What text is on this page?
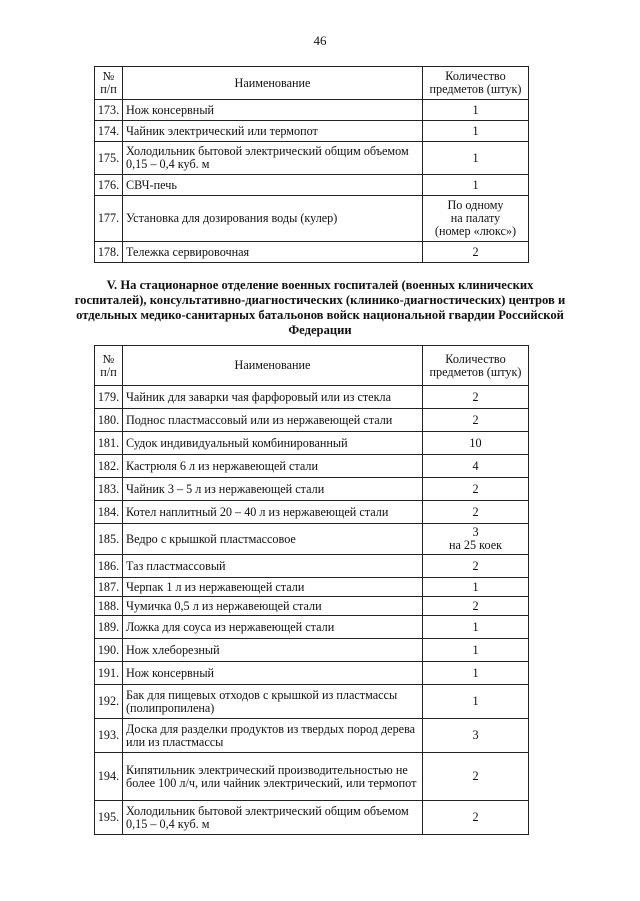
46
№ п/п	Наименование	Количество предметов (штук)
173.	Нож консервный	1

174.	Чайник электрический или термопот	1

175.	Холодильник бытовой электрический общим объемом 0,15 – 0,4 куб. м	1

176.	СВЧ-печь	1

177.	Установка для дозирования воды (кулер)	По одному
на палату
(номер «люкс»)

178.	Тележка сервировочная	2
V. На стационарное отделение военных госпиталей (военных клинических госпиталей), консультативно-диагностических (клинико-диагностических) центров и отдельных медико-санитарных батальонов войск национальной гвардии Российской Федерации
№ п/п	Наименование	Количество предметов (штук)
179.	Чайник для заварки чая фарфоровый или из стекла	2

180.	Поднос пластмассовый или из нержавеющей стали	2

181.	Судок индивидуальный комбинированный	10

182.	Кастрюля 6 л из нержавеющей стали	4

183.	Чайник 3 – 5 л из нержавеющей стали	2

184.	Котел наплитный 20 – 40 л из нержавеющей стали	2

185.	Ведро с крышкой пластмассовое	3
на 25 коек

186.	Таз пластмассовый	2

187.	Черпак 1 л из нержавеющей стали	1

188.	Чумичка 0,5 л из нержавеющей стали	2

189.	Ложка для соуса из нержавеющей стали	1

190.	Нож хлеборезный	1

191.	Нож консервный	1

192.	Бак для пищевых отходов с крышкой из пластмассы (полипропилена)	1

193.	Доска для разделки продуктов из твердых пород дерева или из пластмассы	3

194.	Кипятильник электрический производительностью не более 100 л/ч, или чайник электрический, или термопот	2

195.	Холодильник бытовой электрический общим объемом 0,15 – 0,4 куб. м	2
